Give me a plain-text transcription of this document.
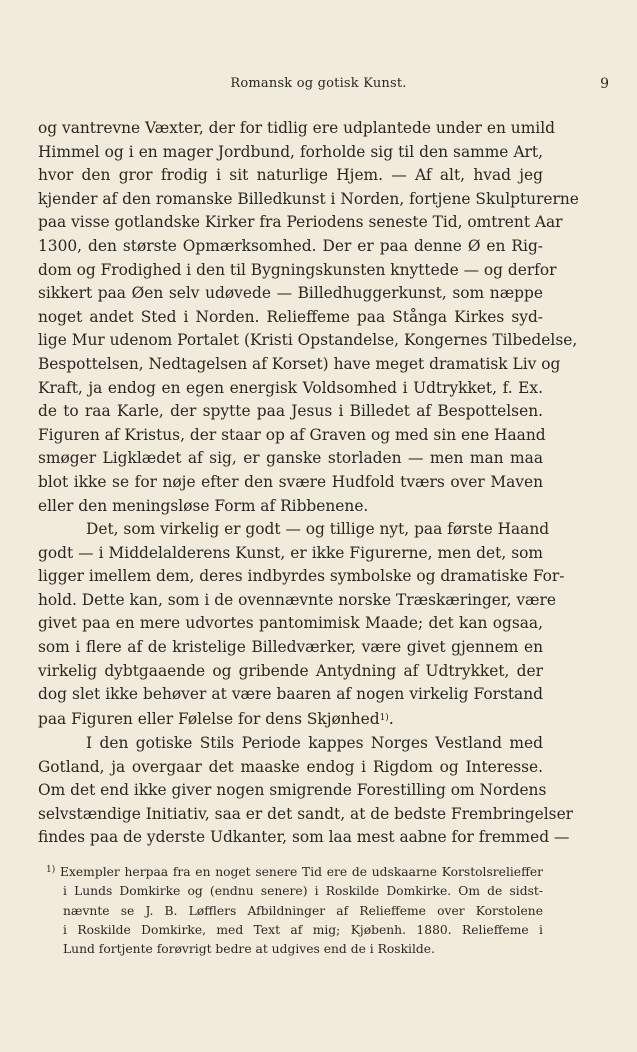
Romansk og gotisk Kunst.	9
og vantrevne Væxter, der for tidlig ere udplantede under en umild
Himmel og i en mager Jordbund, forholde sig til den samme Art,
hvor den gror frodig i sit naturlige Hjem. — Af alt, hvad jeg
kjender af den romanske Billedkunst i Norden, fortjene Skulpturerne
paa visse gotlandske Kirker fra Periodens seneste Tid, omtrent Aar
1300, den største Opmærksomhed. Der er paa denne Ø en Rig-
dom og Frodighed i den til Bygningskunsten knyttede — og derfor
sikkert paa Øen selv udøvede — Billedhuggerkunst, som næppe
noget andet Sted i Norden. Relieffeme paa Stånga Kirkes syd-
lige Mur udenom Portalet (Kristi Opstandelse, Kongernes Tilbedelse,
Bespottelsen, Nedtagelsen af Korset) have meget dramatisk Liv og
Kraft, ja endog en egen energisk Voldsomhed i Udtrykket, f. Ex.
de to raa Karle, der spytte paa Jesus i Billedet af Bespottelsen.
Figuren af Kristus, der staar op af Graven og med sin ene Haand
smøger Ligklædet af sig, er ganske storladen — men man maa
blot ikke se for nøje efter den svære Hudfold tværs over Maven
eller den meningsløse Form af Ribbenene.
Det, som virkelig er godt — og tillige nyt, paa første Haand
godt — i Middelalderens Kunst, er ikke Figurerne, men det, som
ligger imellem dem, deres indbyrdes symbolske og dramatiske For-
hold. Dette kan, som i de ovennævnte norske Træskæringer, være
givet paa en mere udvortes pantomimisk Maade; det kan ogsaa,
som i flere af de kristelige Billedværker, være givet gjennem en
virkelig dybtgaaende og gribende Antydning af Udtrykket, der
dog slet ikke behøver at være baaren af nogen virkelig Forstand
paa Figuren eller Følelse for dens Skjønhed$^{1)}$.
I den gotiske Stils Periode kappes Norges Vestland med
Gotland, ja overgaar det maaske endog i Rigdom og Interesse.
Om det end ikke giver nogen smigrende Forestilling om Nordens
selvstændige Initiativ, saa er det sandt, at de bedste Frembringelser
findes paa de yderste Udkanter, som laa mest aabne for fremmed —
$^{1)}$ Exempler herpaa fra en noget senere Tid ere de udskaarne Korstolsrelieffer
i Lunds Domkirke og (endnu senere) i Roskilde Domkirke. Om de sidst-
nævnte se J. B. Løfflers Afbildninger af Relieffeme over Korstolene
i Roskilde Domkirke, med Text af mig; Kjøbenh. 1880. Relieffeme i
Lund fortjente forøvrigt bedre at udgives end de i Roskilde.
